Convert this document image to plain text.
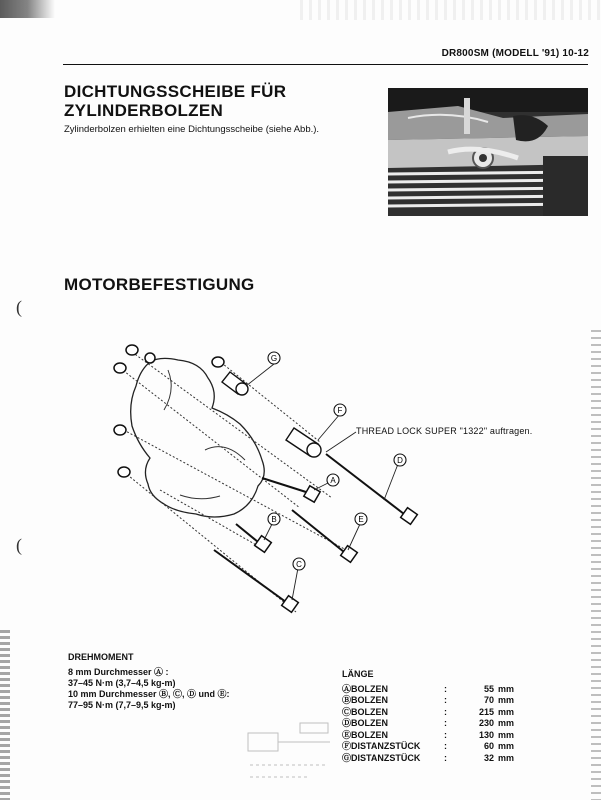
(
(
DR800SM (MODELL '91) 10-12
DICHTUNGSSCHEIBE FÜR
ZYLINDERBOLZEN

Zylinderbolzen erhielten eine Dichtungsscheibe (siehe Abb.).

MOTORBEFESTIGUNG
G
F
A
B
C
D
E
THREAD LOCK SUPER "1322" auftragen.
DREHMOMENT
8 mm Durchmesser Ⓐ :
37–45 N·m (3,7–4,5 kg-m)
10 mm Durchmesser Ⓑ, Ⓒ, Ⓓ und Ⓔ:
77–95 N·m (7,7–9,5 kg-m)
LÄNGE
ⒶBOLZEN	:	55 mm
ⒷBOLZEN	:	70 mm
ⒸBOLZEN	:	215 mm
ⒹBOLZEN	:	230 mm
ⒺBOLZEN	:	130 mm
ⒻDISTANZSTÜCK	:	60 mm
ⒼDISTANZSTÜCK	:	32 mm
